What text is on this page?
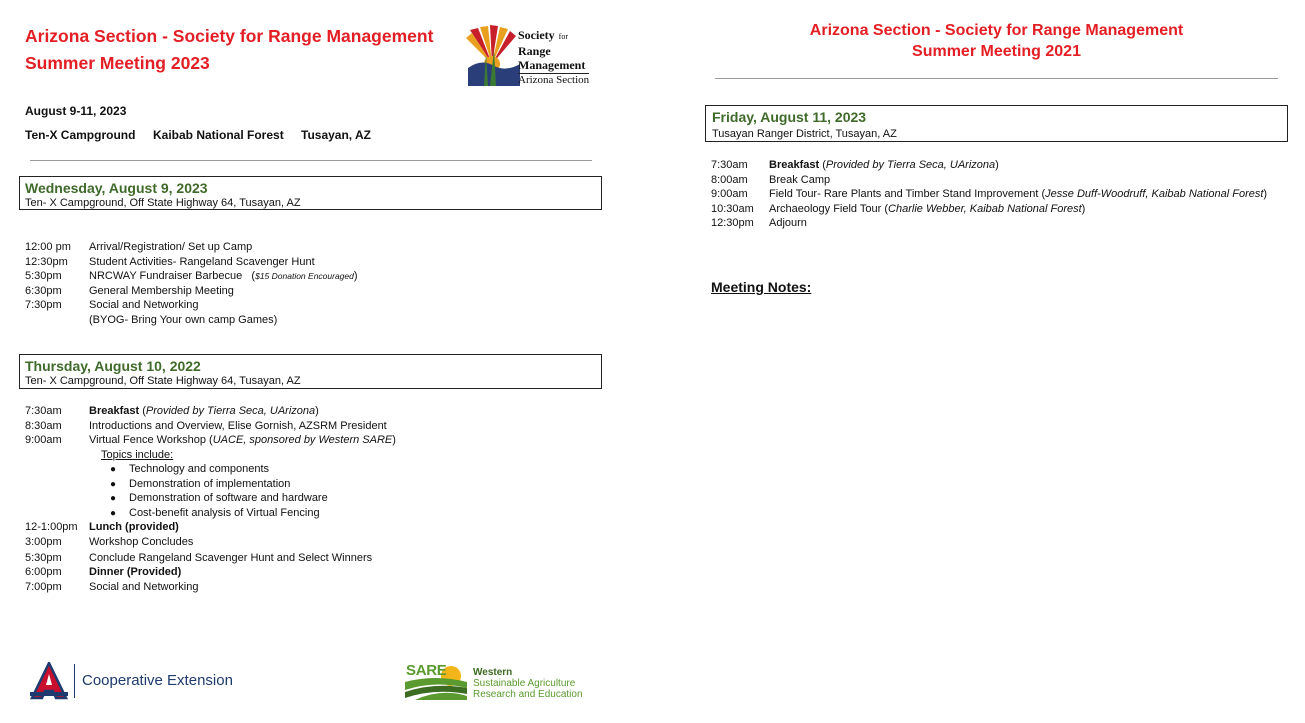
Arizona Section - Society for Range Management
Summer Meeting 2023
Society for
Range
Management
Arizona Section
August 9-11, 2023
Ten-X Campground Kaibab National Forest Tusayan, AZ
Wednesday, August 9, 2023
Ten- X Campground, Off State Highway 64, Tusayan, AZ
12:00 pm Arrival/Registration/ Set up Camp
12:30pm Student Activities- Rangeland Scavenger Hunt
5:30pm NRCWAY Fundraiser Barbecue   ($15 Donation Encouraged)
6:30pm General Membership Meeting
7:30pm Social and Networking
(BYOG- Bring Your own camp Games)
Thursday, August 10, 2022
Ten- X Campground, Off State Highway 64, Tusayan, AZ
7:30am Breakfast (Provided by Tierra Seca, UArizona)
8:30am Introductions and Overview, Elise Gornish, AZSRM President
9:00am Virtual Fence Workshop (UACE, sponsored by Western SARE)
12-1:00pm Lunch (provided)
3:00pm Workshop Concludes
5:30pm Conclude Rangeland Scavenger Hunt and Select Winners
6:00pm Dinner (Provided)
7:00pm Social and Networking
Topics include:
● Technology and components
● Demonstration of implementation
● Demonstration of software and hardware
● Cost-benefit analysis of Virtual Fencing
Cooperative Extension
SARE	Western
Sustainable Agriculture
Research and Education
Arizona Section - Society for Range Management
Summer Meeting 2021
Friday, August 11, 2023
Tusayan Ranger District, Tusayan, AZ
7:30am Breakfast (Provided by Tierra Seca, UArizona)
8:00am Break Camp
9:00am Field Tour- Rare Plants and Timber Stand Improvement (Jesse Duff-Woodruff, Kaibab National Forest)
10:30am Archaeology Field Tour (Charlie Webber, Kaibab National Forest)
12:30pm Adjourn
Meeting Notes:
